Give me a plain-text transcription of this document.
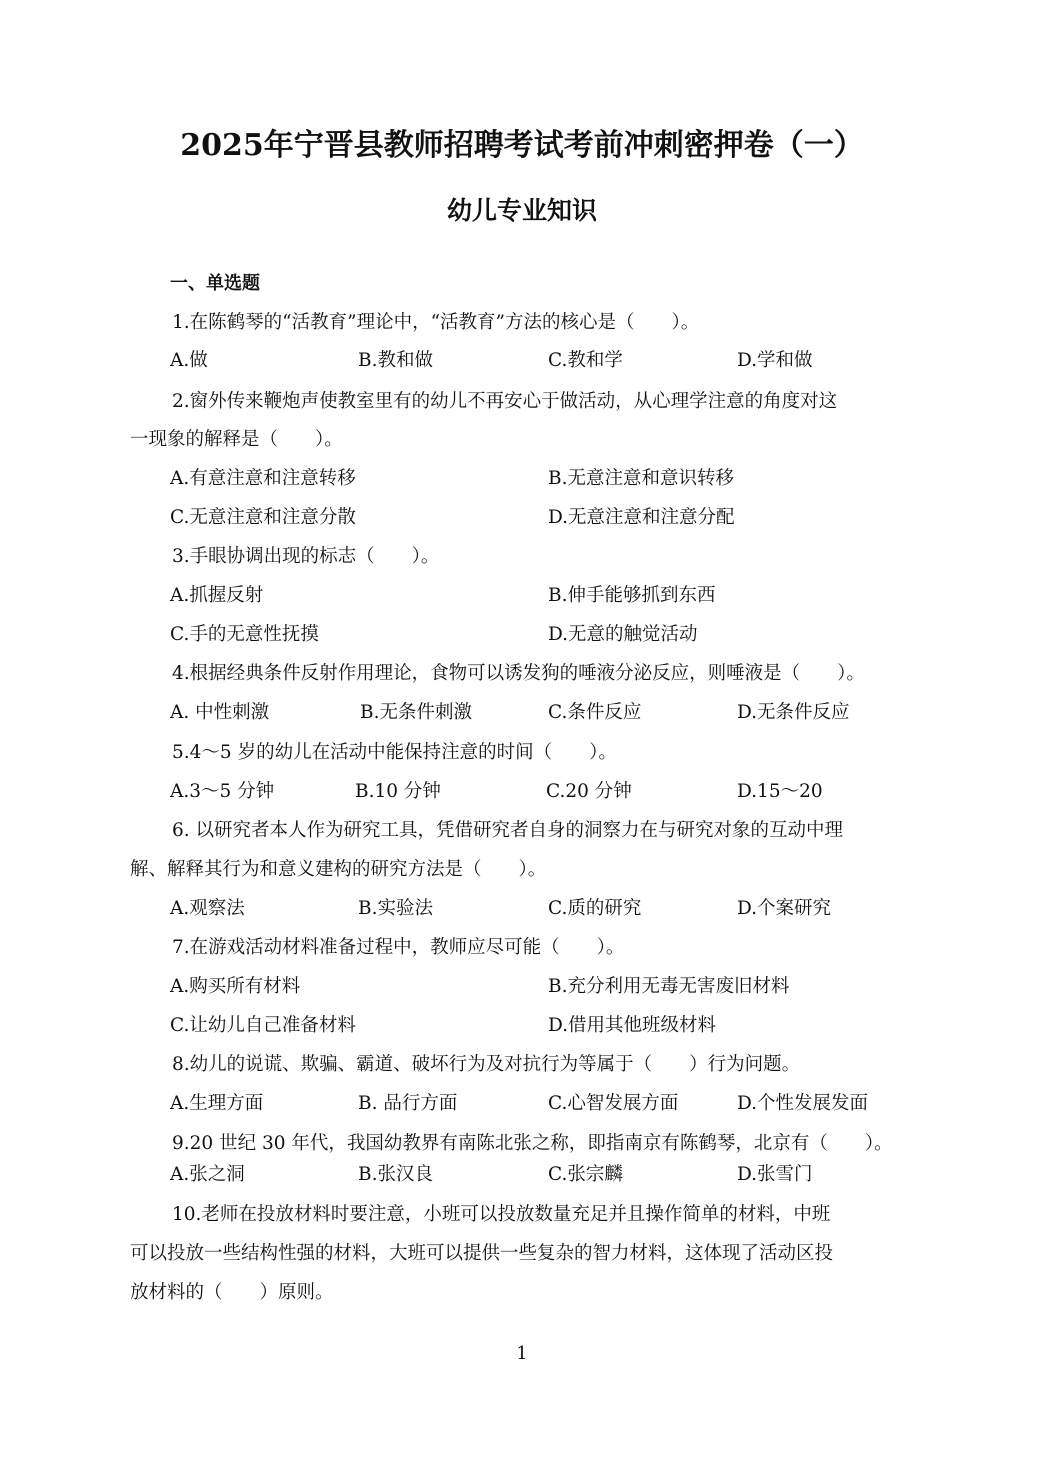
2025年宁晋县教师招聘考试考前冲刺密押卷（一）
幼儿专业知识
一、单选题
1.在陈鹤琴的“活教育”理论中，“活教育”方法的核心是（　　）。
A.做	B.教和做	C.教和学	D.学和做
2.窗外传来鞭炮声使教室里有的幼儿不再安心于做活动，从心理学注意的角度对这
一现象的解释是（　　）。
A.有意注意和注意转移	B.无意注意和意识转移
C.无意注意和注意分散	D.无意注意和注意分配
3.手眼协调出现的标志（　　）。
A.抓握反射	B.伸手能够抓到东西
C.手的无意性抚摸	D.无意的触觉活动
4.根据经典条件反射作用理论，食物可以诱发狗的唾液分泌反应，则唾液是（　　）。
A. 中性刺激	B.无条件刺激	C.条件反应	D.无条件反应
5.4～5 岁的幼儿在活动中能保持注意的时间（　　）。
A.3～5 分钟	B.10 分钟	C.20 分钟	D.15～20
6. 以研究者本人作为研究工具，凭借研究者自身的洞察力在与研究对象的互动中理
解、解释其行为和意义建构的研究方法是（　　）。
A.观察法	B.实验法	C.质的研究	D.个案研究
7.在游戏活动材料准备过程中，教师应尽可能（　　）。
A.购买所有材料	B.充分利用无毒无害废旧材料
C.让幼儿自己准备材料	D.借用其他班级材料
8.幼儿的说谎、欺骗、霸道、破坏行为及对抗行为等属于（　　）行为问题。
A.生理方面	B. 品行方面	C.心智发展方面	D.个性发展发面
9.20 世纪 30 年代，我国幼教界有南陈北张之称，即指南京有陈鹤琴，北京有（　　）。
A.张之洞	B.张汉良	C.张宗麟	D.张雪门
10.老师在投放材料时要注意，小班可以投放数量充足并且操作简单的材料，中班
可以投放一些结构性强的材料，大班可以提供一些复杂的智力材料，这体现了活动区投
放材料的（　　）原则。
1
